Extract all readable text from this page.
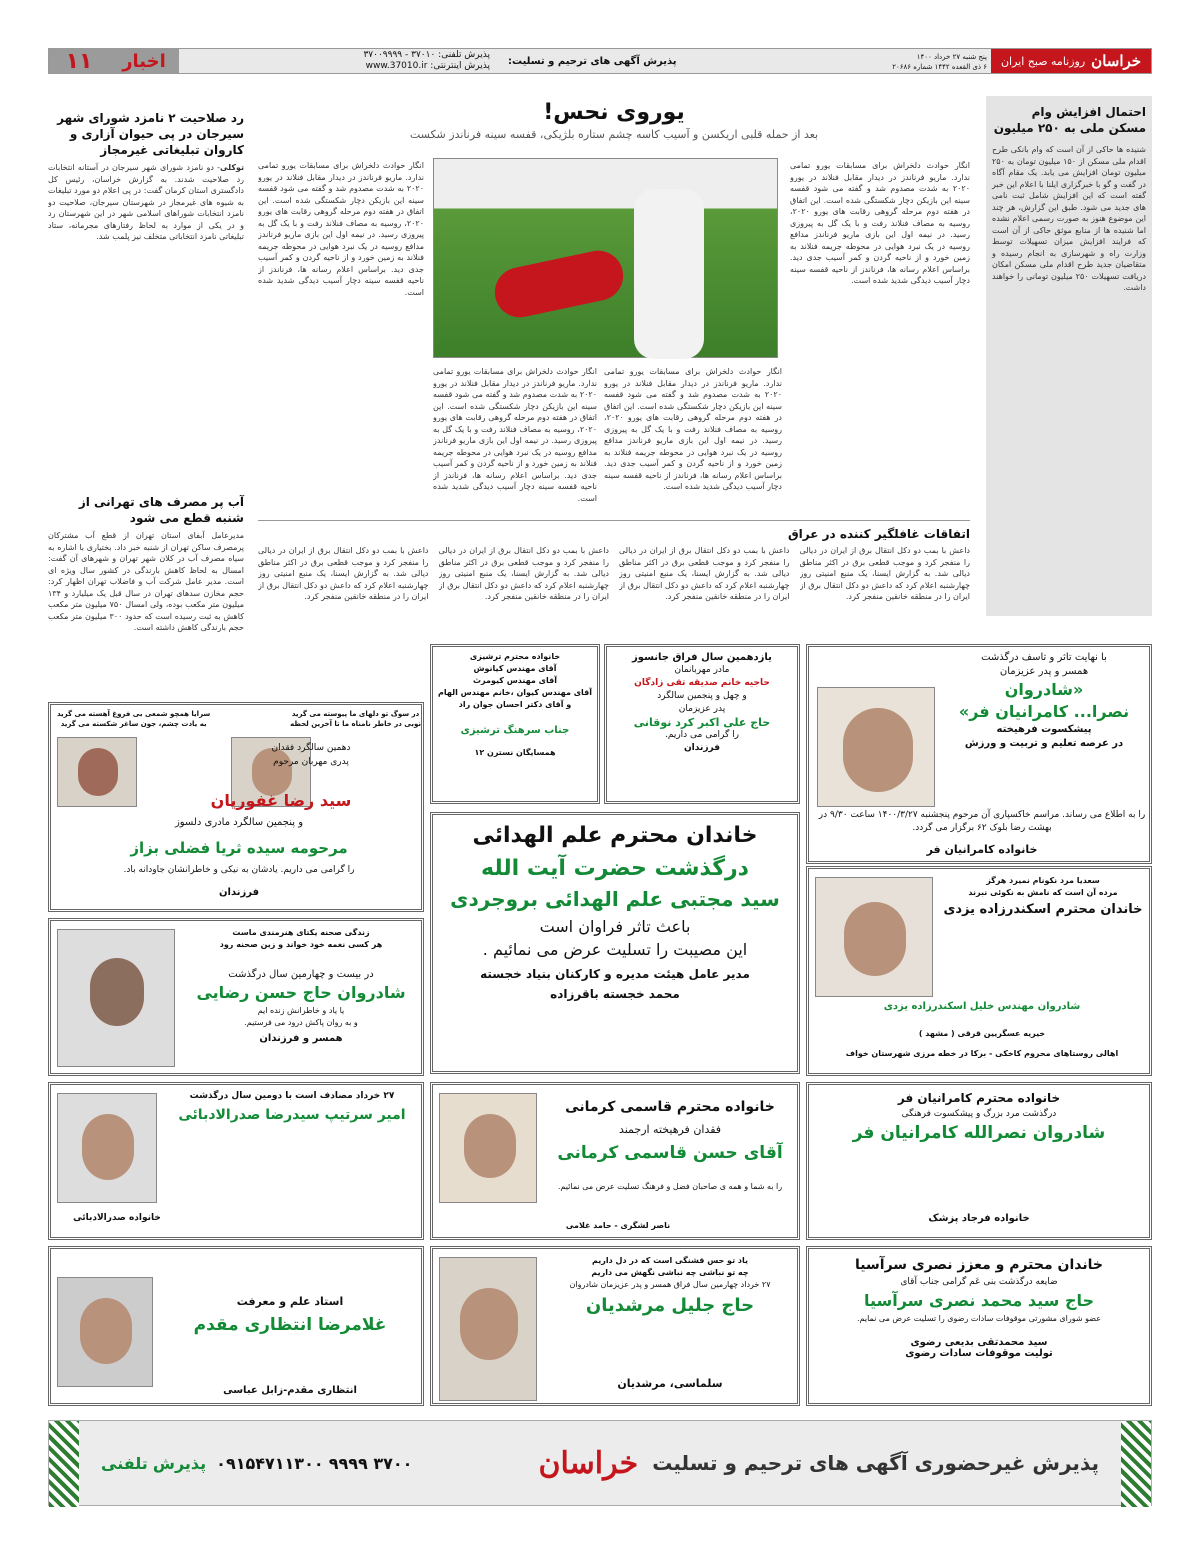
خراسان
روزنامه صبح ایران
پنج شنبه ۲۷ خرداد ۱۴۰۰
۶ ذی القعده ۱۴۴۲ شماره ۲۰۶۸۶
پذیرش آگهی های ترحیم و تسلیت:
پذیرش تلفنی: ۳۷۰۱۰ - ۳۷۰۰۹۹۹۹
پذیرش اینترنتی: www.37010.ir
اخبار
۱۱
احتمال افزایش وام مسکن ملی به ۲۵۰ میلیون
شنیده ها حاکی از آن است که وام بانکی طرح اقدام ملی مسکن از ۱۵۰ میلیون تومان به ۲۵۰ میلیون تومان افزایش می یابد. یک مقام آگاه در گفت و گو با خبرگزاری ایلنا با اعلام این خبر گفته است که این افزایش شامل ثبت نامی های جدید می شود. طبق این گزارش، هر چند این موضوع هنوز به صورت رسمی اعلام نشده اما شنیده ها از منابع موثق حاکی از آن است که فرایند افزایش میزان تسهیلات توسط وزارت راه و شهرسازی به انجام رسیده و متقاضیان جدید طرح اقدام ملی مسکن امکان دریافت تسهیلات ۲۵۰ میلیون تومانی را خواهند داشت.
یوروی نحس!
بعد از حمله قلبی اریکسن و آسیب کاسه چشم ستاره بلژیکی، قفسه سینه فرناندز شکست
انگار حوادث دلخراش برای مسابقات یورو تمامی ندارد. ماریو فرناندز در دیدار مقابل فنلاند در یورو ۲۰۲۰ به شدت مصدوم شد و گفته می شود قفسه سینه این بازیکن دچار شکستگی شده است. این اتفاق در هفته دوم مرحله گروهی رقابت های یورو ۲۰۲۰، روسیه به مصاف فنلاند رفت و با یک گل به پیروزی رسید. در نیمه اول این بازی ماریو فرناندز مدافع روسیه در یک نبرد هوایی در محوطه جریمه فنلاند به زمین خورد و از ناحیه گردن و کمر آسیب جدی دید. براساس اعلام رسانه ها، فرناندز از ناحیه قفسه سینه دچار آسیب دیدگی شدید شده است.
انگار حوادث دلخراش برای مسابقات یورو تمامی ندارد. ماریو فرناندز در دیدار مقابل فنلاند در یورو ۲۰۲۰ به شدت مصدوم شد و گفته می شود قفسه سینه این بازیکن دچار شکستگی شده است. این اتفاق در هفته دوم مرحله گروهی رقابت های یورو ۲۰۲۰، روسیه به مصاف فنلاند رفت و با یک گل به پیروزی رسید. در نیمه اول این بازی ماریو فرناندز مدافع روسیه در یک نبرد هوایی در محوطه جریمه فنلاند به زمین خورد و از ناحیه گردن و کمر آسیب جدی دید. براساس اعلام رسانه ها، فرناندز از ناحیه قفسه سینه دچار آسیب دیدگی شدید شده است.
انگار حوادث دلخراش برای مسابقات یورو تمامی ندارد. ماریو فرناندز در دیدار مقابل فنلاند در یورو ۲۰۲۰ به شدت مصدوم شد و گفته می شود قفسه سینه این بازیکن دچار شکستگی شده است. این اتفاق در هفته دوم مرحله گروهی رقابت های یورو ۲۰۲۰، روسیه به مصاف فنلاند رفت و با یک گل به پیروزی رسید. در نیمه اول این بازی ماریو فرناندز مدافع روسیه در یک نبرد هوایی در محوطه جریمه فنلاند به زمین خورد و از ناحیه گردن و کمر آسیب جدی دید. براساس اعلام رسانه ها، فرناندز از ناحیه قفسه سینه دچار آسیب دیدگی شدید شده است.
انگار حوادث دلخراش برای مسابقات یورو تمامی ندارد. ماریو فرناندز در دیدار مقابل فنلاند در یورو ۲۰۲۰ به شدت مصدوم شد و گفته می شود قفسه سینه این بازیکن دچار شکستگی شده است. این اتفاق در هفته دوم مرحله گروهی رقابت های یورو ۲۰۲۰، روسیه به مصاف فنلاند رفت و با یک گل به پیروزی رسید. در نیمه اول این بازی ماریو فرناندز مدافع روسیه در یک نبرد هوایی در محوطه جریمه فنلاند به زمین خورد و از ناحیه گردن و کمر آسیب جدی دید. براساس اعلام رسانه ها، فرناندز از ناحیه قفسه سینه دچار آسیب دیدگی شدید شده است.
اتفاقات غافلگیر کننده در عراق
داعش با بمب دو دکل انتقال برق از ایران در دیالی را منفجر کرد و موجب قطعی برق در اکثر مناطق دیالی شد. به گزارش ایسنا، یک منبع امنیتی روز چهارشنبه اعلام کرد که داعش دو دکل انتقال برق از ایران را در منطقه خانقین منفجر کرد.
داعش با بمب دو دکل انتقال برق از ایران در دیالی را منفجر کرد و موجب قطعی برق در اکثر مناطق دیالی شد. به گزارش ایسنا، یک منبع امنیتی روز چهارشنبه اعلام کرد که داعش دو دکل انتقال برق از ایران را در منطقه خانقین منفجر کرد.
داعش با بمب دو دکل انتقال برق از ایران در دیالی را منفجر کرد و موجب قطعی برق در اکثر مناطق دیالی شد. به گزارش ایسنا، یک منبع امنیتی روز چهارشنبه اعلام کرد که داعش دو دکل انتقال برق از ایران را در منطقه خانقین منفجر کرد.
داعش با بمب دو دکل انتقال برق از ایران در دیالی را منفجر کرد و موجب قطعی برق در اکثر مناطق دیالی شد. به گزارش ایسنا، یک منبع امنیتی روز چهارشنبه اعلام کرد که داعش دو دکل انتقال برق از ایران را در منطقه خانقین منفجر کرد.
رد صلاحیت ۲ نامزد شورای شهر سیرجان در پی حیوان آزاری و کاروان تبلیغاتی غیرمجاز
توکلی- دو نامزد شورای شهر سیرجان در آستانه انتخابات رد صلاحیت شدند. به گزارش خراسان، رئیس کل دادگستری استان کرمان گفت: در پی اعلام دو مورد تبلیغات به شیوه های غیرمجاز در شهرستان سیرجان، صلاحیت دو نامزد انتخابات شوراهای اسلامی شهر در این شهرستان رد و در یکی از موارد به لحاظ رفتارهای مجرمانه، ستاد تبلیغاتی نامزد انتخاباتی متخلف نیز پلمب شد.
آب پر مصرف های تهرانی از شنبه قطع می شود
مدیرعامل آبفای استان تهران از قطع آب مشترکان پرمصرف ساکن تهران از شنبه خبر داد. بختیاری با اشاره به سیاه مصرف آب در کلان شهر تهران و شهرهای آن گفت: امسال به لحاظ کاهش بارندگی در کشور سال ویژه ای است. مدیر عامل شرکت آب و فاضلاب تهران اظهار کرد: حجم مخازن سدهای تهران در سال قبل یک میلیارد و ۱۳۴ میلیون متر مکعب بوده، ولی امسال ۷۵۰ میلیون متر مکعب کاهش به ثبت رسیده است که حدود ۳۰۰ میلیون متر مکعب حجم بارندگی کاهش داشته است.
با نهایت تاثر و تاسف درگذشت
همسر و پدر عزیزمان
«شادروان
نصرا... کامرانیان فر»
پیشکسوت فرهیخته
در عرصه تعلیم و تربیت و ورزش
را به اطلاع می رساند. مراسم خاکسپاری آن مرحوم پنجشنبه ۱۴۰۰/۳/۲۷ ساعت ۹/۳۰ در بهشت رضا بلوک ۶۲ برگزار می گردد.
خانواده کامرانیان فر
یازدهمین سال فراق جانسوز
مادر مهربانمان
حاجیه خانم صدیقه تقی زادگان
و چهل و پنجمین سالگرد
پدر عزیزمان
حاج علی اکبر کرد نوقانی
را گرامی می داریم.
فرزندان
خانواده محترم ترشیزی
آقای مهندس کیانوش
آقای مهندس کیومرث
آقای مهندس کیوان ،خانم مهندس الهام
و آقای دکتر احسان جوان راد
جناب سرهنگ ترشیزی
همسایگان نسترن ۱۲
خاندان محترم علم الهدائی
درگذشت حضرت آیت الله
سید مجتبی علم الهدائی بروجردی
باعث تاثر فراوان است
این مصیبت را تسلیت عرض می نمائیم .
مدیر عامل هیئت مدیره و کارکنان بنیاد خجسته
محمد خجسته باقرزاده
در سوگ تو دلهای ما پیوسته می گرید
نوبی در خاطر نامناه ما تا آخرین لحظه
سرایا همچو شمعی بی فروغ آهسته می گرید
به یادت چشم، جون ساغر شکسته می گرید
دهمین سالگرد فقدان
پدری مهربان مرحوم
سید رضا غفوریان
و پنجمین سالگرد مادری دلسوز
مرحومه سیده ثریا فضلی بزاز
را گرامی می داریم. یادشان به نیکی و خاطرانشان جاودانه باد.
فرزندان
سعدیا مرد نکونام نمیرد هرگز
مرده آن است که نامش به نکوئی نبرند
خاندان محترم اسکندرزاده یزدی
شادروان مهندس خلیل اسکندرزاده یزدی
خیریه عسگریین قرقی ( مشهد )
اهالی روستاهای محروم کاخکی - برکا در خطه مرزی شهرستان خواف
زندگی صحنه یکتای هنرمندی ماست
هر کسی نغمه خود خواند و زین صحنه رود
در بیست و چهارمین سال درگذشت
شادروان حاج حسن رضایی
یا یاد و خاطرانش زنده ایم
و به روان پاکش درود می فرستیم.
همسر و فرزندان
۲۷ خرداد مصادف است با دومین سال درگذشت
امیر سرتیپ سیدرضا صدرالادبائی
خانواده صدرالادبائی
خانواده محترم قاسمی کرمانی
فقدان فرهیخته ارجمند
آقای حسن قاسمی کرمانی
را به شما و همه ی صاحبان فضل و فرهنگ تسلیت عرض می نمائیم.
ناصر لشگری - حامد غلامی
خانواده محترم کامرانیان فر
درگذشت مرد بزرگ و پیشکسوت فرهنگی
شادروان نصرالله کامرانیان فر
خانواده فرجاد پزشک
استاد علم و معرفت
غلامرضا انتظاری مقدم
انتظاری مقدم-زابل عباسی
یاد تو حس قشنگی است که در دل داریم
چه تو نباشی چه نباشی نگهش می داریم
۲۷ خرداد چهارمین سال فراق همسر و پدر عزیزمان شادروان
حاج جلیل مرشدیان
سلماسی، مرشدیان
خاندان محترم و معزز نصری سرآسیا
ضایعه درگذشت بنی عَم گرامی جناب آقای
حاج سید محمد نصری سرآسیا
عضو شورای مشورتی موقوفات سادات رضوی را تسلیت عرض می نمایم.
سید محمدتقی بدیعی رضوی
تولیت موقوفات سادات رضوی
پذیرش غیرحضوری آگهی های ترحیم و تسلیت
خراسان
۳۷۰۰ ۹۹۹۹ ۰۹۱۵۴۷۱۱۳۰۰
پذیرش تلفنی
